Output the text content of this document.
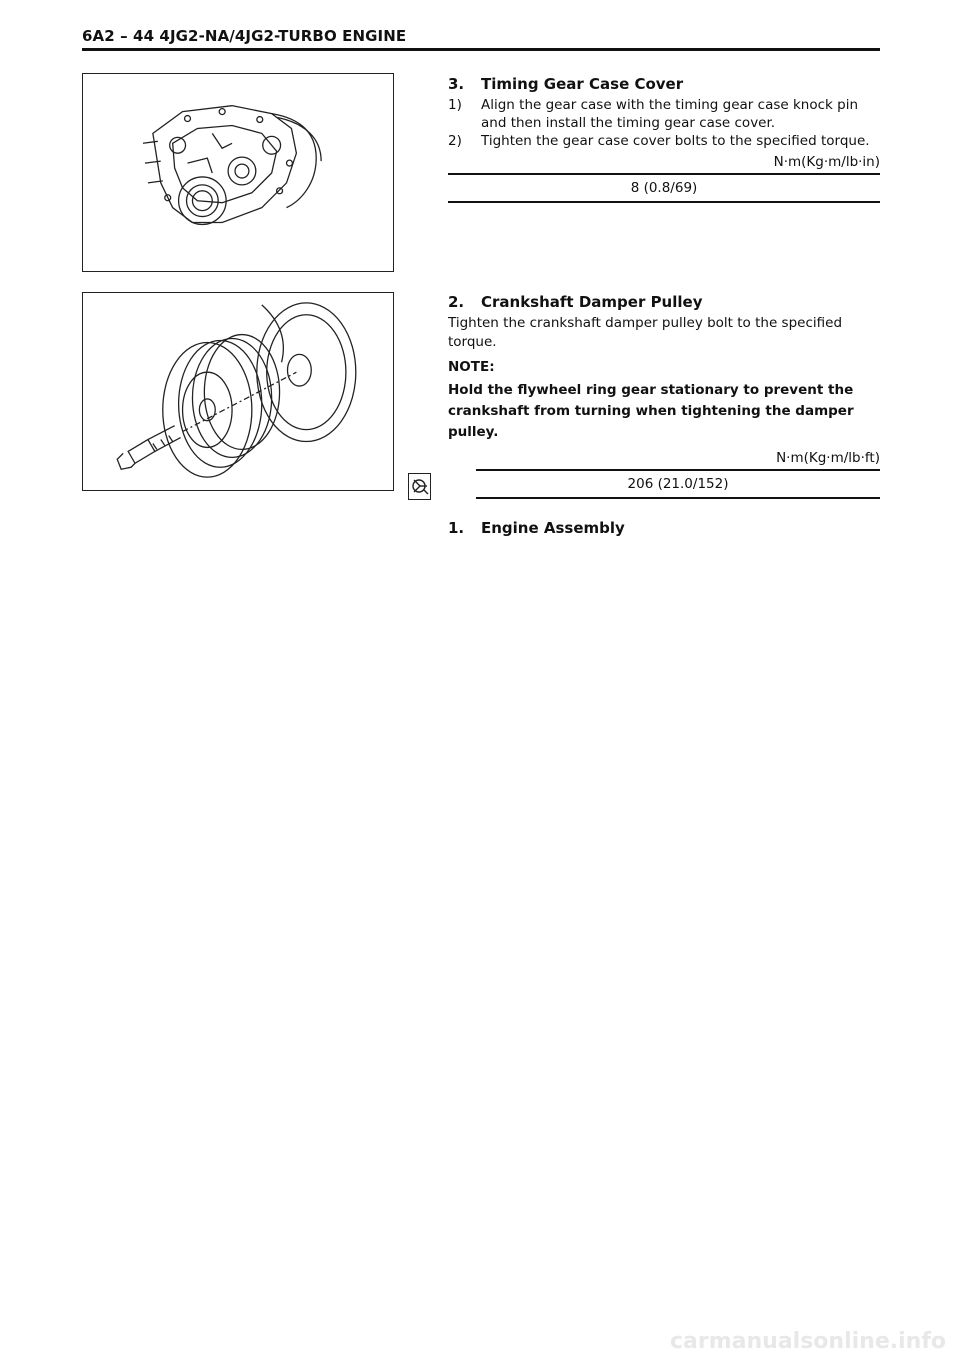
6A2 – 44 4JG2-NA/4JG2-TURBO ENGINE
3. Timing Gear Case Cover
1)	Align the gear case with the timing gear case knock pin and then install the timing gear case cover.
2)	Tighten the gear case cover bolts to the specified torque.
N·m(Kg·m/lb·in)
8 (0.8/69)
2. Crankshaft Damper Pulley
Tighten the crankshaft damper pulley bolt to the specified torque.
NOTE:
Hold the flywheel ring gear stationary to prevent the crankshaft from turning when tightening the damper pulley.
N·m(Kg·m/lb·ft)
206 (21.0/152)
1. Engine Assembly
carmanualsonline.info
